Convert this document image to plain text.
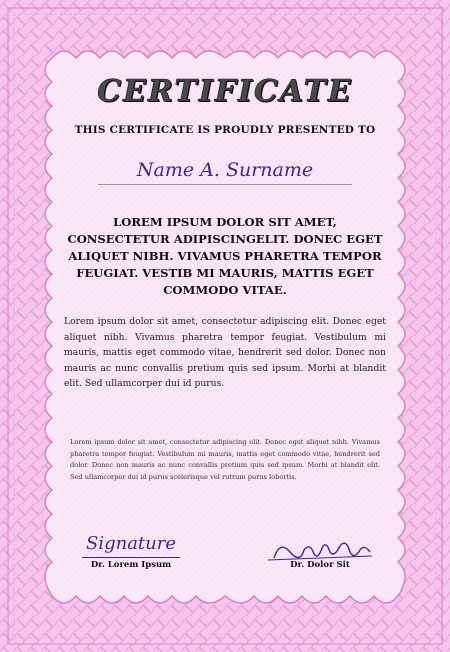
CERTIFICATE
THIS CERTIFICATE IS PROUDLY PRESENTED TO
Name A. Surname
LOREM IPSUM DOLOR SIT AMET, CONSECTETUR ADIPISCINGELIT. DONEC EGET ALIQUET NIBH. VIVAMUS PHARETRA TEMPOR FEUGIAT. VESTIB MI MAURIS, MATTIS EGET COMMODO VITAE.
Lorem ipsum dolor sit amet, consectetur adipiscing elit. Donec eget aliquet nibh. Vivamus pharetra tempor feugiat. Vestibulum mi mauris, mattis eget commodo vitae, hendrerit sed dolor. Donec non mauris ac nunc convallis pretium quis sed ipsum. Morbi at blandit elit. Sed ullamcorper dui id purus.
Lorem ipsum dolor sit amet, consectetur adipiscing elit. Donec eget aliquet nibh. Vivamus pharetra tempor feugiat. Vestibulum mi mauris, mattis eget commodo vitae, hendrerit sed dolor. Donec non mauris ac nunc convallis pretium quis sed ipsum. Morbi at blandit elit. Sed ullamcorper dui id purus scelerisque vel rutrum purus lobortis.
Signature
Dr. Lorem Ipsum	Dr. Dolor Sit
